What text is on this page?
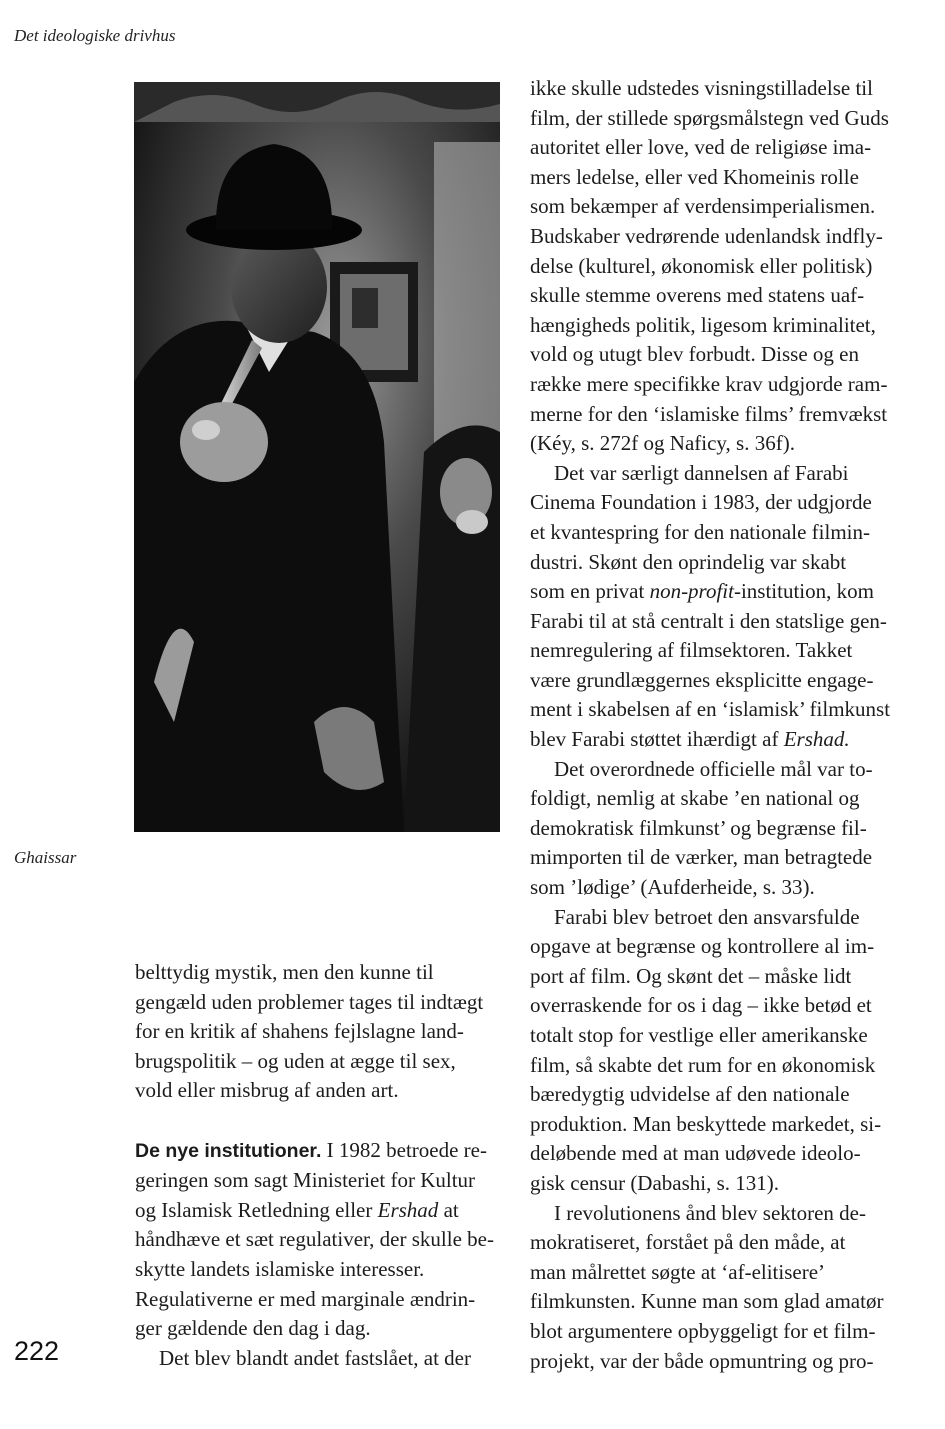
Det ideologiske drivhus
Ghaissar
222

belttydig mystik, men den kunne til
gengæld uden problemer tages til indtægt
for en kritik af shahens fejlslagne land-
brugspolitik – og uden at ægge til sex,
vold eller misbrug af anden art.

De nye institutioner. I 1982 betroede re-
geringen som sagt Ministeriet for Kultur
og Islamisk Retledning eller Ershad at
håndhæve et sæt regulativer, der skulle be-
skytte landets islamiske interesser.
Regulativerne er med marginale ændrin-
ger gældende den dag i dag.

Det blev blandt andet fastslået, at der

ikke skulle udstedes visningstilladelse til
film, der stillede spørgsmålstegn ved Guds
autoritet eller love, ved de religiøse ima-
mers ledelse, eller ved Khomeinis rolle
som bekæmper af verdensimperialismen.
Budskaber vedrørende udenlandsk indfly-
delse (kulturel, økonomisk eller politisk)
skulle stemme overens med statens uaf-
hængigheds politik, ligesom kriminalitet,
vold og utugt blev forbudt. Disse og en
række mere specifikke krav udgjorde ram-
merne for den ‘islamiske films’ fremvækst
(Kéy, s. 272f og Naficy, s. 36f).

Det var særligt dannelsen af Farabi
Cinema Foundation i 1983, der udgjorde
et kvantespring for den nationale filmin-
dustri. Skønt den oprindelig var skabt
som en privat non-profit-institution, kom
Farabi til at stå centralt i den statslige gen-
nemregulering af filmsektoren. Takket
være grundlæggernes eksplicitte engage-
ment i skabelsen af en ‘islamisk’ filmkunst
blev Farabi støttet ihærdigt af Ershad.

Det overordnede officielle mål var to-
foldigt, nemlig at skabe ’en national og
demokratisk filmkunst’ og begrænse fil-
mimporten til de værker, man betragtede
som ’lødige’ (Aufderheide, s. 33).

Farabi blev betroet den ansvarsfulde
opgave at begrænse og kontrollere al im-
port af film. Og skønt det – måske lidt
overraskende for os i dag – ikke betød et
totalt stop for vestlige eller amerikanske
film, så skabte det rum for en økonomisk
bæredygtig udvidelse af den nationale
produktion. Man beskyttede markedet, si-
deløbende med at man udøvede ideolo-
gisk censur (Dabashi, s. 131).

I revolutionens ånd blev sektoren de-
mokratiseret, forstået på den måde, at
man målrettet søgte at ‘af-elitisere’
filmkunsten. Kunne man som glad amatør
blot argumentere opbyggeligt for et film-
projekt, var der både opmuntring og pro-
